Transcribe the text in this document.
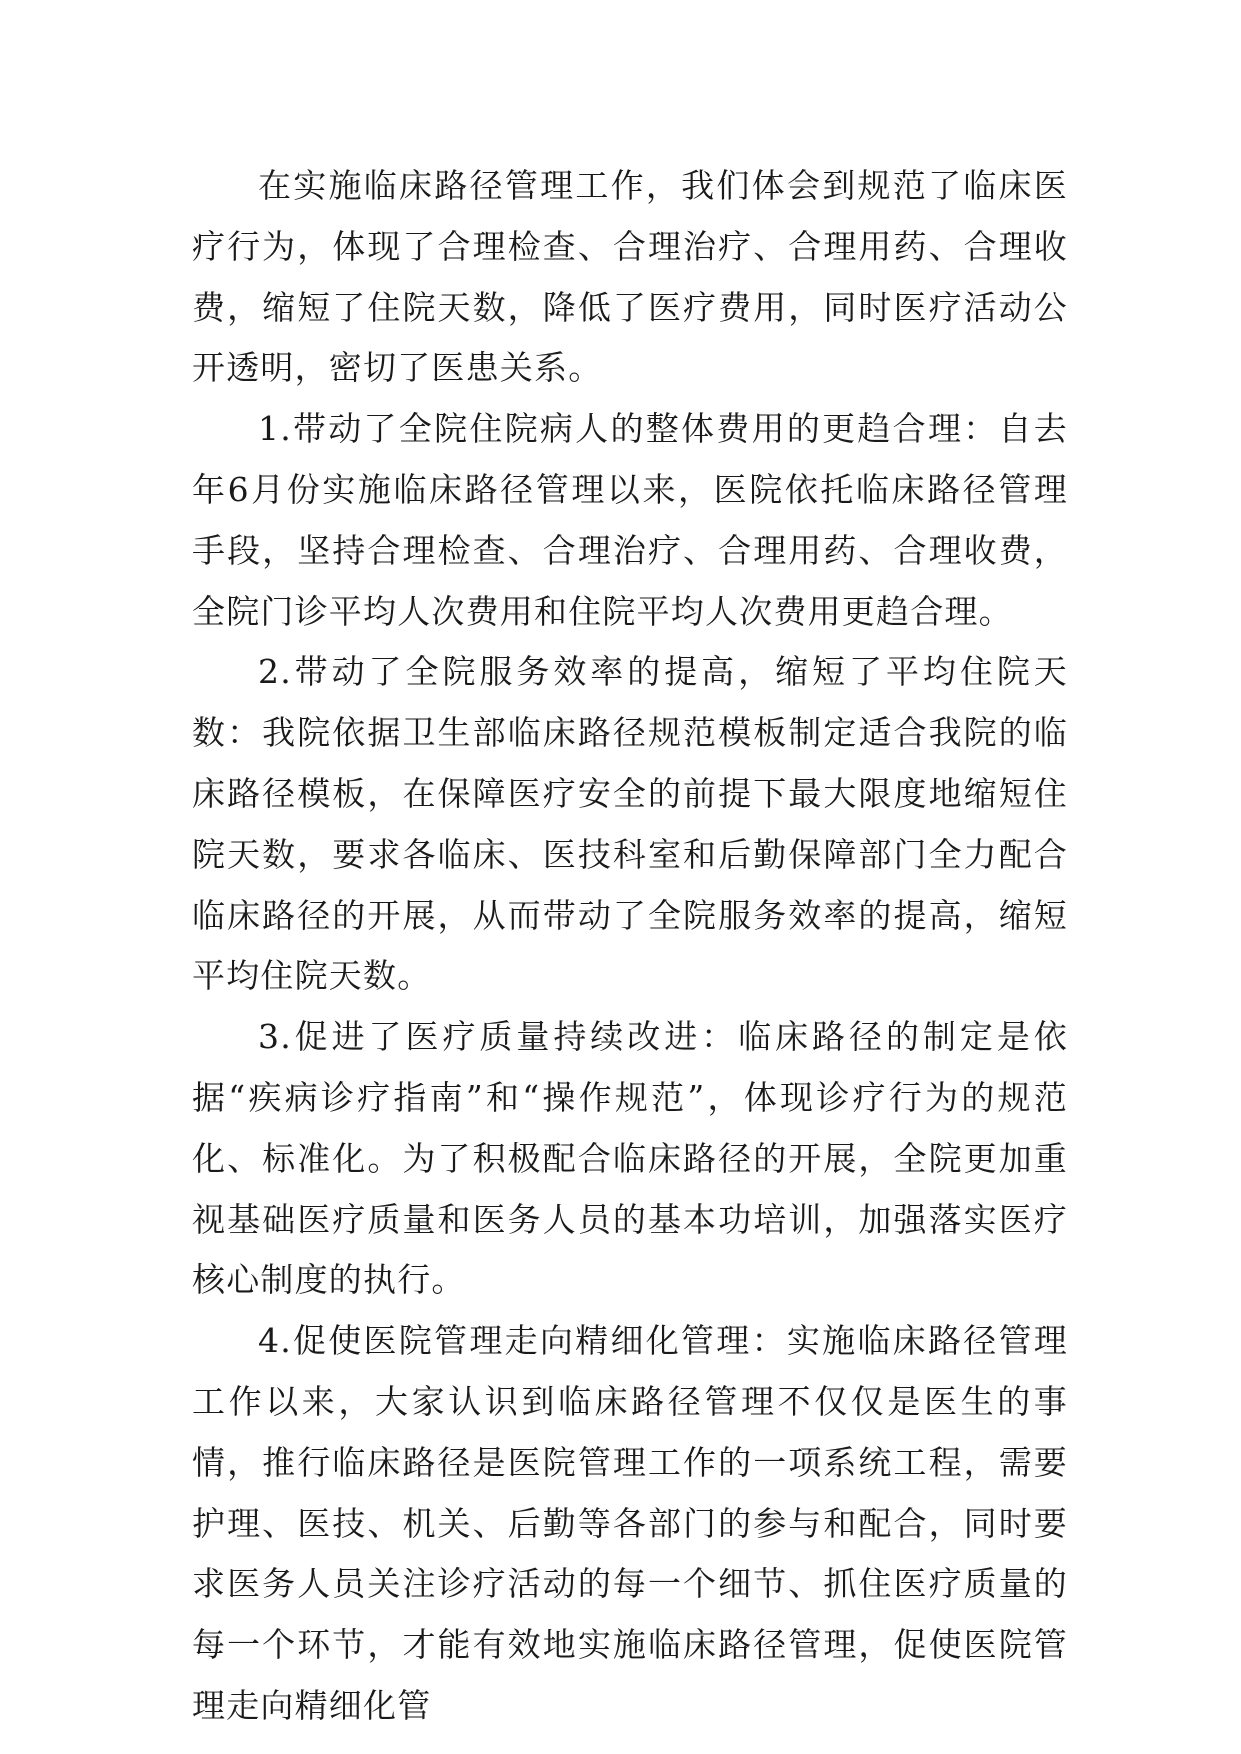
在实施临床路径管理工作，我们体会到规范了临床医疗行为，体现了合理检查、合理治疗、合理用药、合理收费，缩短了住院天数，降低了医疗费用，同时医疗活动公开透明，密切了医患关系。

1.带动了全院住院病人的整体费用的更趋合理：自去年6月份实施临床路径管理以来，医院依托临床路径管理手段，坚持合理检查、合理治疗、合理用药、合理收费，全院门诊平均人次费用和住院平均人次费用更趋合理。

2.带动了全院服务效率的提高，缩短了平均住院天数：我院依据卫生部临床路径规范模板制定适合我院的临床路径模板，在保障医疗安全的前提下最大限度地缩短住院天数，要求各临床、医技科室和后勤保障部门全力配合临床路径的开展，从而带动了全院服务效率的提高，缩短平均住院天数。

3.促进了医疗质量持续改进：临床路径的制定是依据“疾病诊疗指南”和“操作规范”，体现诊疗行为的规范化、标准化。为了积极配合临床路径的开展，全院更加重视基础医疗质量和医务人员的基本功培训，加强落实医疗核心制度的执行。

4.促使医院管理走向精细化管理：实施临床路径管理工作以来，大家认识到临床路径管理不仅仅是医生的事情，推行临床路径是医院管理工作的一项系统工程，需要护理、医技、机关、后勤等各部门的参与和配合，同时要求医务人员关注诊疗活动的每一个细节、抓住医疗质量的每一个环节，才能有效地实施临床路径管理，促使医院管理走向精细化管
